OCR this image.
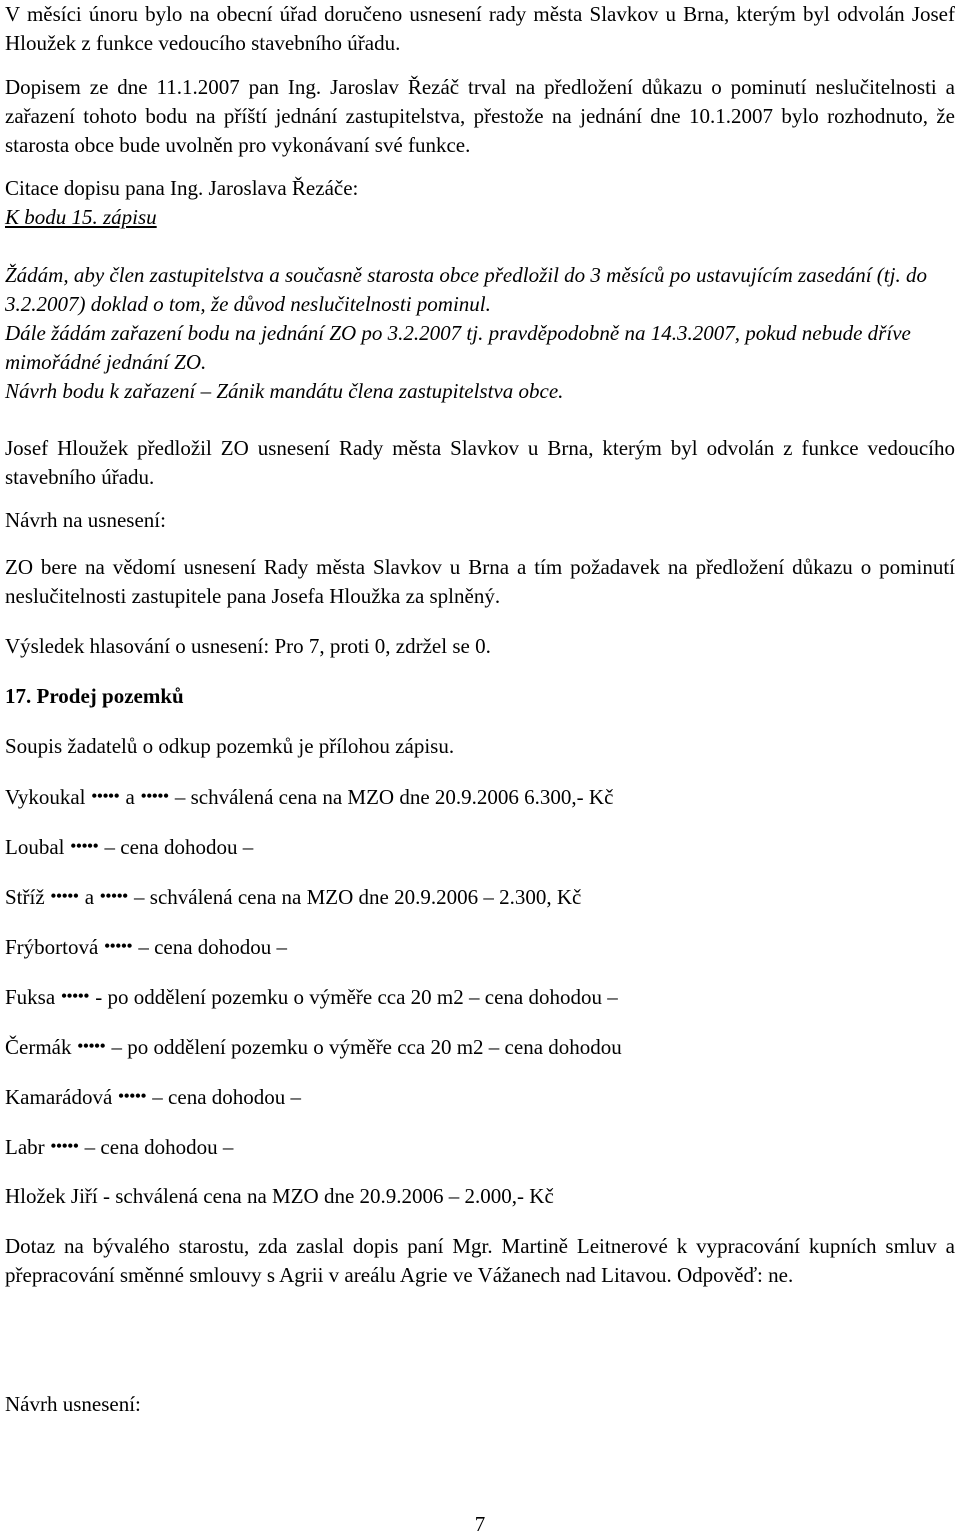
V měsíci únoru bylo na obecní úřad doručeno usnesení rady města Slavkov u Brna, kterým byl odvolán Josef Hloužek z funkce vedoucího stavebního úřadu.

Dopisem ze dne 11.1.2007 pan Ing. Jaroslav Řezáč trval na předložení důkazu o pominutí neslučitelnosti a zařazení tohoto bodu na příští jednání zastupitelstva, přestože na jednání dne 10.1.2007 bylo rozhodnuto, že starosta obce bude uvolněn pro vykonávaní své funkce.

Citace dopisu pana Ing. Jaroslava Řezáče:

K bodu 15. zápisu

Žádám, aby člen zastupitelstva a současně starosta obce předložil do 3 měsíců po ustavujícím zasedání (tj. do 3.2.2007) doklad o tom, že důvod neslučitelnosti pominul.
Dále žádám zařazení bodu na jednání ZO po 3.2.2007 tj. pravděpodobně na 14.3.2007, pokud nebude dříve mimořádné jednání ZO.
Návrh bodu k zařazení – Zánik mandátu člena zastupitelstva obce.

Josef Hloužek předložil ZO usnesení Rady města Slavkov u Brna, kterým byl odvolán z funkce vedoucího stavebního úřadu.

Návrh na usnesení:

ZO bere na vědomí usnesení Rady města Slavkov u Brna a tím požadavek na předložení důkazu o pominutí neslučitelnosti zastupitele pana Josefa Hloužka za splněný.

Výsledek hlasování o usnesení: Pro 7, proti 0, zdržel se 0.

17. Prodej pozemků

Soupis žadatelů o odkup pozemků je přílohou zápisu.

Vykoukal ••••• a ••••• – schválená cena na MZO dne 20.9.2006 6.300,- Kč
Loubal ••••• – cena dohodou –
Stříž ••••• a ••••• – schválená cena na MZO dne 20.9.2006 – 2.300, Kč
Frýbortová ••••• – cena dohodou –
Fuksa ••••• - po oddělení pozemku o výměře cca 20 m2 – cena dohodou –
Čermák ••••• – po oddělení pozemku o výměře cca 20 m2 – cena dohodou
Kamarádová ••••• – cena dohodou –
Labr ••••• – cena dohodou –

Hložek Jiří - schválená cena na MZO dne 20.9.2006 – 2.000,- Kč

Dotaz na bývalého starostu, zda zaslal dopis paní Mgr. Martině Leitnerové k vypracování kupních smluv a přepracování směnné smlouvy s Agrii v areálu Agrie ve Vážanech nad Litavou. Odpověď: ne.

Návrh usnesení:

7
